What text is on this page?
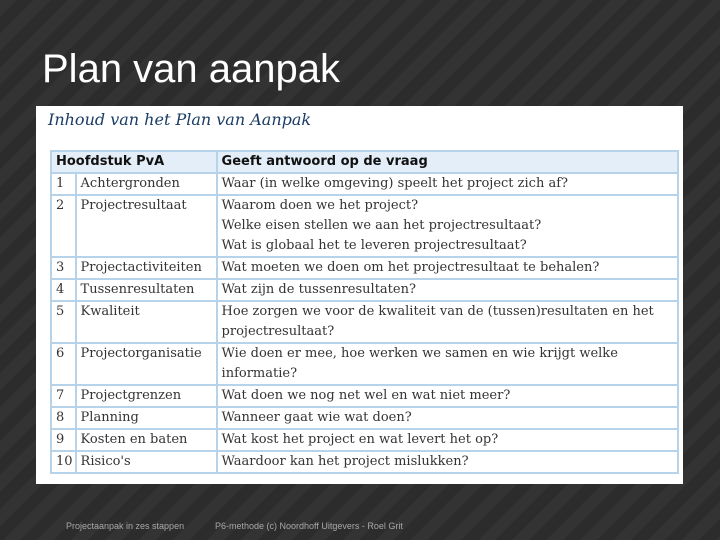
Plan van aanpak
Inhoud van het Plan van Aanpak
Hoofdstuk PvA		Geeft antwoord op de vraag
1	Achtergronden	Waar (in welke omgeving) speelt het project zich af?

2	Projectresultaat	Waarom doen we het project?
Welke eisen stellen we aan het projectresultaat?
Wat is globaal het te leveren projectresultaat?

3	Projectactiviteiten	Wat moeten we doen om het projectresultaat te behalen?

4	Tussenresultaten	Wat zijn de tussenresultaten?

5	Kwaliteit	Hoe zorgen we voor de kwaliteit van de (tussen)resultaten en het
projectresultaat?

6	Projectorganisatie	Wie doen er mee, hoe werken we samen en wie krijgt welke
informatie?

7	Projectgrenzen	Wat doen we nog net wel en wat niet meer?

8	Planning	Wanneer gaat wie wat doen?

9	Kosten en baten	Wat kost het project en wat levert het op?

10	Risico's	Waardoor kan het project mislukken?
Projectaanpak in zes stappen	P6-methode (c) Noordhoff Uitgevers - Roel Grit
